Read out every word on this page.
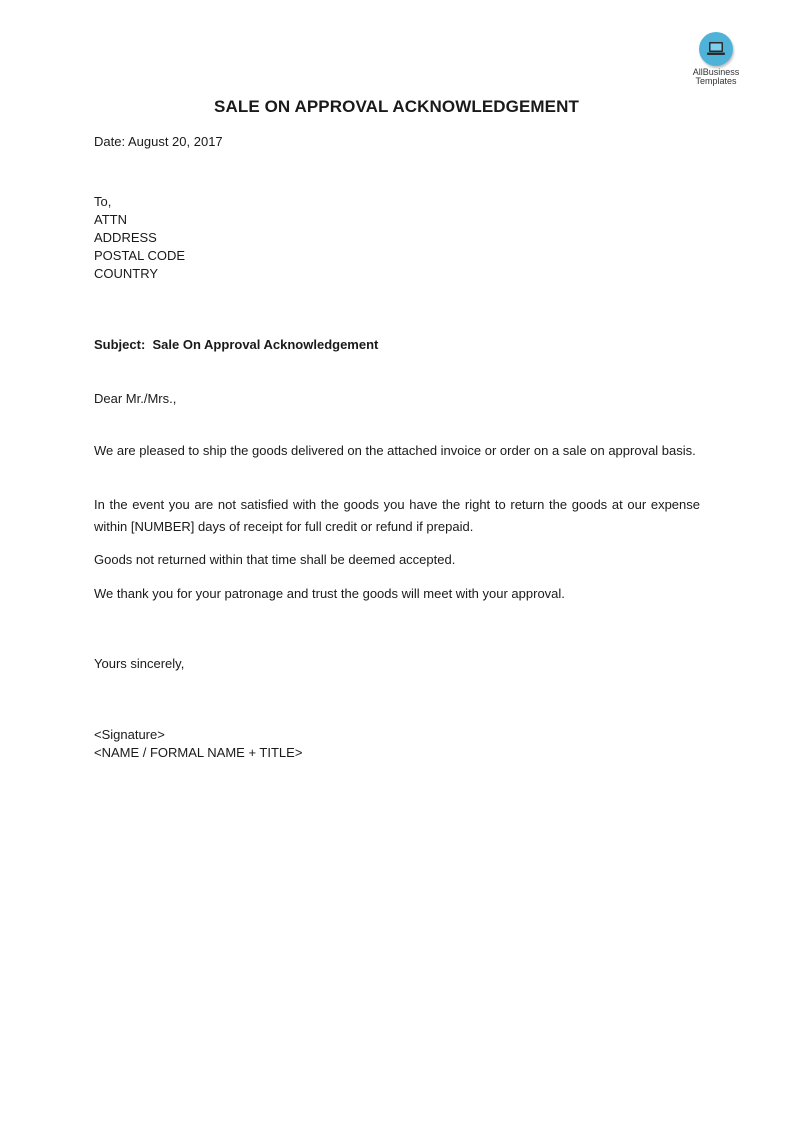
AllBusiness
Templates
SALE ON APPROVAL ACKNOWLEDGEMENT
Date: August 20, 2017
To,
ATTN
ADDRESS
POSTAL CODE
COUNTRY
Subject:  Sale On Approval Acknowledgement
Dear Mr./Mrs.,
We are pleased to ship the goods delivered on the attached invoice or order on a sale on approval basis.
In the event you are not satisfied with the goods you have the right to return the goods at our expense within [NUMBER] days of receipt for full credit or refund if prepaid.
Goods not returned within that time shall be deemed accepted.
We thank you for your patronage and trust the goods will meet with your approval.
Yours sincerely,
<Signature>
<NAME / FORMAL NAME + TITLE>
